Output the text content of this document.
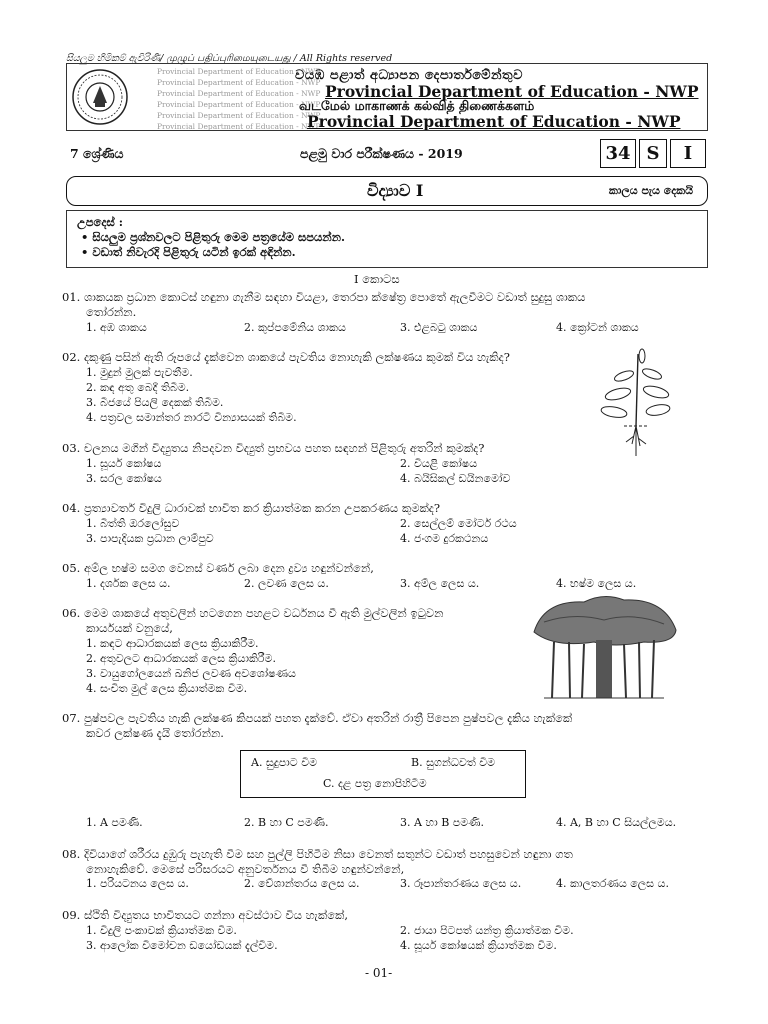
සියලුම හිමිකම් ඇවිරිණි/ முழுப் பதிப்புரிமையுடையது / All Rights reserved
Provincial Department of Education - NWP
Provincial Department of Education - NWP
Provincial Department of Education - NWP
Provincial Department of Education - NWP
Provincial Department of Education - NWP
Provincial Department of Education - NWP
වයඹ පළාත් අධ්‍යාපන දෙපාර්තමේන්තුව
Provincial Department of Education - NWP
வடமேல் மாகாணக் கல்வித் திணைக்களம்
Provincial Department of Education - NWP
7 ශ්‍රේණිය	පළමු වාර පරීක්ෂණය - 2019	34 S	I
විද්‍යාව I	කාලය පැය දෙකයි
උපදෙස් :
• සියලුම ප්‍රශ්නවලට පිළිතුරු මෙම පත්‍රයේම සපයන්න.
• වඩාත් නිවැරදි පිළිතුරු යටින් ඉරක් අඳින්න.
I කොටස
01. ශාකයක ප්‍රධාන කොටස් හඳුනා ගැනීම සඳහා වියළා, තෙරපා ක්ෂේත්‍ර පොතේ ඇලවීමට වඩාත් සුදුසු ශාකය
තෝරන්න.
1. අඹ ශාකය	2. කුප්පමේනිය ශාකය	3. එළබටු ශාකය	4. ක්‍රෝටන් ශාකය
02. දකුණු පසින් ඇති රූපයේ දැක්වෙන ශාකයේ පැවතිය නොහැකි ලක්ෂණය කුමක් විය හැකිද?
1. මුදුන් මුලක් පැවතීම.
2. කඳ අතු බෙදී තිබීම.
3. බීජයේ පියලි දෙකක් තිබීම.
4. පත්‍රවල සමාන්තර නාරටි වින්‍යාසයක් තිබීම.
03. චලනය මගින් විද්‍යුතය නිපදවන විද්‍යුත් ප්‍රභවය පහත සඳහන් පිළිතුරු අතරින් කුමක්ද?
1. සූර්ය කෝෂය	2. වියළි කෝෂය
3. සරල කෝෂය	4. බයිසිකල් ඩයිනමෝව
04. ප්‍රත්‍යාවර්ත විදුලි ධාරාවක් භාවිත කර ක්‍රියාත්මක කරන උපකරණය කුමක්ද?
1. බිත්ති ඔරලෝසුව	2. සෙල්ලම් මෝටර් රථය
3. පාපැදියක ප්‍රධාන ලාම්පුව	4. ජංගම දුරකථනය
05. අම්ල භෂ්ම සමග වෙනස් වර්ණ ලබා දෙන ද්‍රව්‍ය හඳුන්වන්නේ,
1. දර්ශක ලෙස ය.	2. ලවණ ලෙස ය.	3. අම්ල ලෙස ය.	4. භෂ්ම ලෙස ය.
06. මෙම ශාකයේ අතුවලින් හටගෙන පහළට වර්ධනය වී ඇති මුල්වලින් ඉටුවන
කාර්යයක් වනුයේ,
1. කඳට ආධාරකයක් ලෙස ක්‍රියාකිරීම.
2. අතුවලට ආධාරකයක් ලෙස ක්‍රියාකිරීම.
3. වායුගෝලයෙන් ඛනිජ ලවණ අවශෝෂණය
4. සංචිත මුල් ලෙස ක්‍රියාත්මක වීම.
07. පුෂ්පවල පැවතිය හැකි ලක්ෂණ කිපයක් පහත දැක්වේ. ඒවා අතරින් රාත්‍රී පිපෙන පුෂ්පවල දැකිය හැක්කේ
කවර ලක්ෂණ දැයි තෝරන්න.
A. සුදුපාට වීම	B. සුගන්ධවත් වීම
C. දළ පත්‍ර නොපිහිටීම
1. A පමණි.	2. B හා C පමණි.	3. A හා B පමණි.	4. A, B හා C සියල්ලමය.
08. දිවියාගේ ශරීරය දුඹුරු පැහැති වීම සහ පුල්ලි පිහිටීම නිසා වෙනත් සතුන්ට වඩාත් පහසුවෙන් හඳුනා ගත
නොහැකිවේ. මෙසේ පරිසරයට අනුවර්තනය වී තිබීම හඳුන්වන්නේ,
1. පරියටනය ලෙස ය.	2. වේශාන්තරය ලෙස ය.	3. රූපාන්තරණය ලෙස ය.	4. කාලතරණය ලෙස ය.
09. ස්ථිති විද්‍යුතය භාවිතයට ගන්නා අවස්ථාව විය හැක්කේ,
1. විදුලි පංකාවක් ක්‍රියාත්මක වීම.	2. ජායා පිටපත් යන්ත්‍ර ක්‍රියාත්මක වීම.
3. ආලෝක විමෝචන ඩයෝඩයක් දැල්වීම.	4. සූර්ය කෝෂයක් ක්‍රියාත්මක වීම.
- 01-
